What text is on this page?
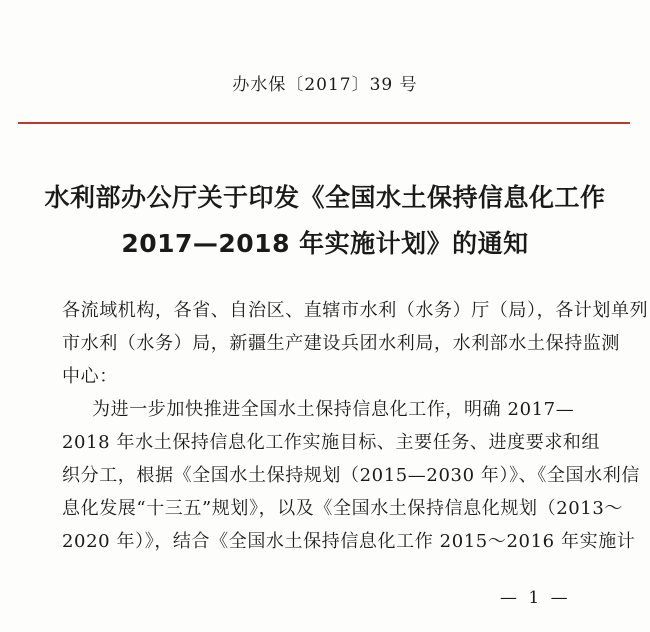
办水保〔2017〕39 号
水利部办公厅关于印发《全国水土保持信息化工作
2017—2018 年实施计划》的通知
各流域机构，各省、自治区、直辖市水利（水务）厅（局），各计划单列
市水利（水务）局，新疆生产建设兵团水利局，水利部水土保持监测
中心：
为进一步加快推进全国水土保持信息化工作，明确 2017—
2018 年水土保持信息化工作实施目标、主要任务、进度要求和组
织分工，根据《全国水土保持规划（2015—2030 年）》、《全国水利信
息化发展“十三五”规划》，以及《全国水土保持信息化规划（2013～
2020 年）》，结合《全国水土保持信息化工作 2015～2016 年实施计
— 1 —
